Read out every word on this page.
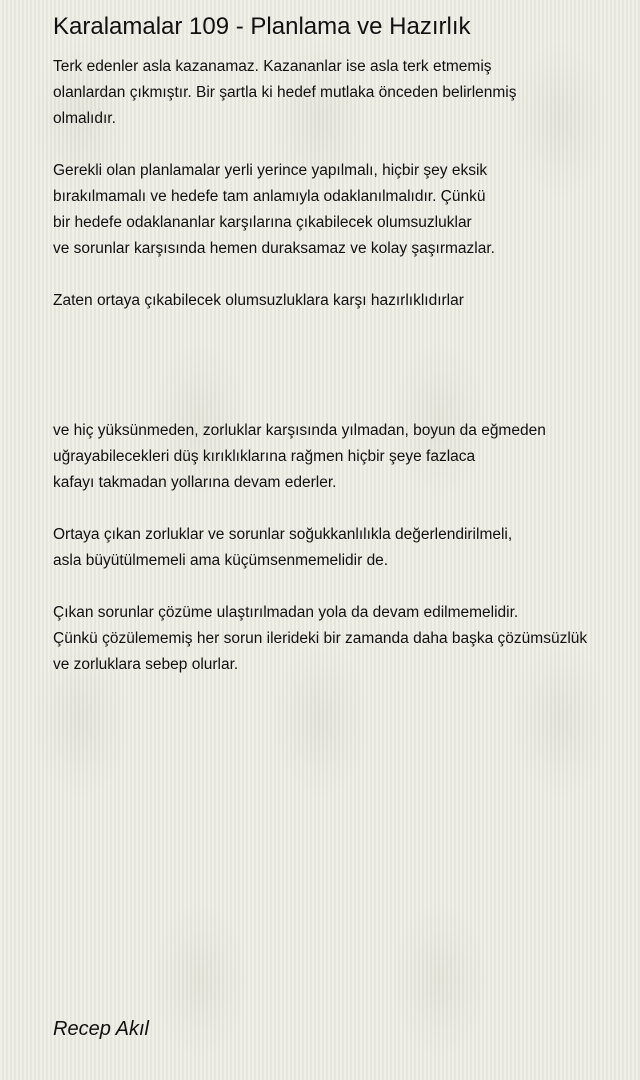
Karalamalar 109 - Planlama ve Hazırlık
Terk edenler asla kazanamaz. Kazananlar ise asla terk etmemiş
olanlardan çıkmıştır. Bir şartla ki hedef mutlaka önceden belirlenmiş
olmalıdır.
Gerekli olan planlamalar yerli yerince yapılmalı, hiçbir şey eksik
bırakılmamalı ve hedefe tam anlamıyla odaklanılmalıdır. Çünkü
bir hedefe odaklananlar karşılarına çıkabilecek olumsuzluklar
ve sorunlar karşısında hemen duraksamaz ve kolay şaşırmazlar.
Zaten ortaya çıkabilecek olumsuzluklara karşı hazırlıklıdırlar
ve hiç yüksünmeden, zorluklar karşısında yılmadan, boyun da eğmeden
uğrayabilecekleri düş kırıklıklarına rağmen hiçbir şeye fazlaca
kafayı takmadan yollarına devam ederler.
Ortaya çıkan zorluklar ve sorunlar soğukkanlılıkla değerlendirilmeli,
asla büyütülmemeli ama küçümsenmemelidir de.
Çıkan sorunlar çözüme ulaştırılmadan yola da devam edilmemelidir.
Çünkü çözülememiş her sorun ilerideki bir zamanda daha başka çözümsüzlük
ve zorluklara sebep olurlar.
Recep Akıl
